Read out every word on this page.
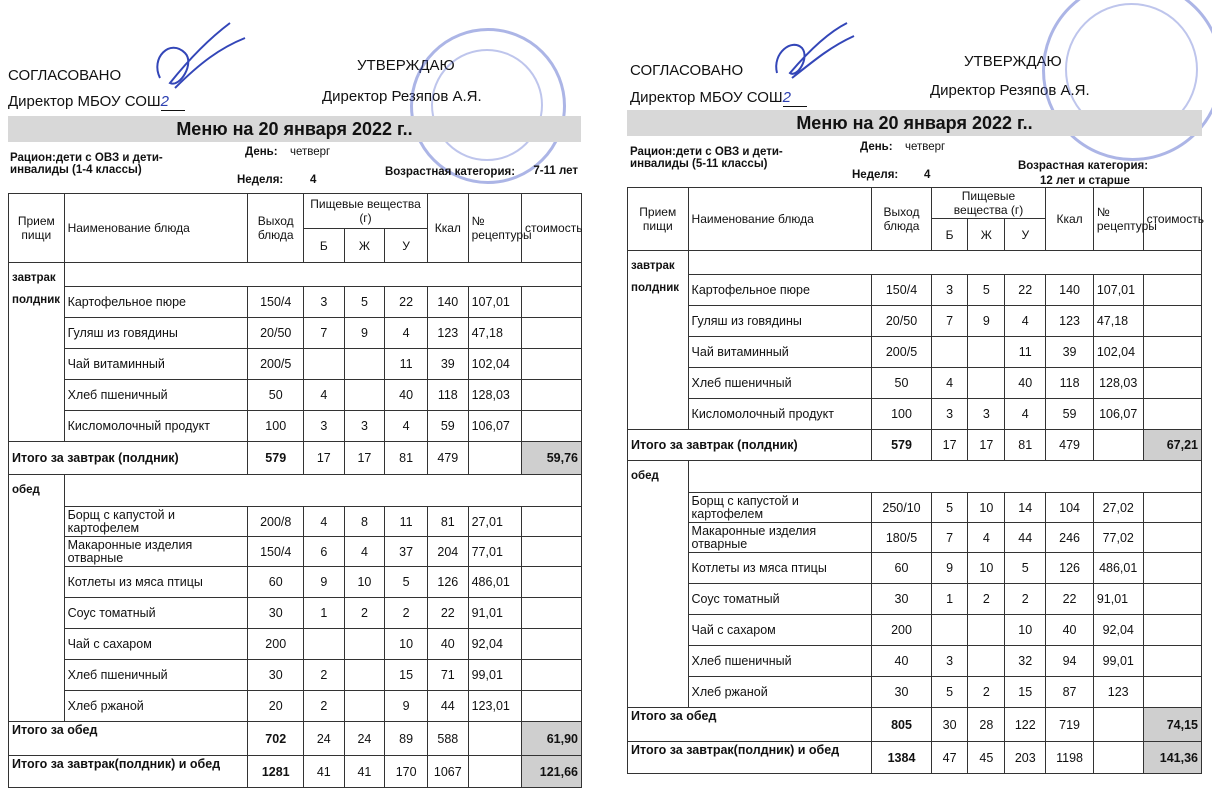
СОГЛАСОВАНО
Директор МБОУ СОШ2
УТВЕРЖДАЮ
Директор Резяпов А.Я.
Меню на 20 января 2022 г..
Рацион:дети с ОВЗ и дети-инвалиды (1-4 классы)
День: четверг
Неделя: 4
Возрастная категория:	7-11 лет
Прием пищи	Наименование блюда	Выход блюда	Пищевые вещества (г)			Ккал	№ рецептуры	стоимость
			Б	Ж	У			

завтрак
полдник								

	Картофельное пюре	150/4	3	5	22	140	107,01	
	Гуляш из говядины	20/50	7	9	4	123	47,18	
	Чай витаминный	200/5			11	39	102,04	
	Хлеб пшеничный	50	4		40	118	128,03	
	Кисломолочный продукт	100	3	3	4	59	106,07	
Итого за завтрак (полдник)		579	17	17	81	479		59,76

обед								

	Борщ с капустой и картофелем	200/8	4	8	11	81	27,01	
	Макаронные изделия отварные	150/4	6	4	37	204	77,01	
	Котлеты из мяса птицы	60	9	10	5	126	486,01	
	Соус томатный	30	1	2	2	22	91,01	
	Чай с сахаром	200			10	40	92,04	
	Хлеб пшеничный	30	2		15	71	99,01	
	Хлеб ржаной	20	2		9	44	123,01	
Итого за обед		702	24	24	89	588		61,90
Итого за завтрак(полдник) и обед		1281	41	41	170	1067		121,66
СОГЛАСОВАНО
Директор МБОУ СОШ2
УТВЕРЖДАЮ
Директор Резяпов А.Я.
Меню на 20 января 2022 г..
Рацион:дети с ОВЗ и дети-инвалиды (5-11 классы)
День: четверг
Неделя: 4
Возрастная категория:
12 лет и старше
Прием пищи	Наименование блюда	Выход блюда	Пищевые вещества (г)			Ккал	№ рецептуры	стоимость
			Б	Ж	У			

завтрак
полдник								

	Картофельное пюре	150/4	3	5	22	140	107,01	
	Гуляш из говядины	20/50	7	9	4	123	47,18	
	Чай витаминный	200/5			11	39	102,04	
	Хлеб пшеничный	50	4		40	118	128,03	
	Кисломолочный продукт	100	3	3	4	59	106,07	
Итого за завтрак (полдник)		579	17	17	81	479		67,21

обед								

	Борщ с капустой и картофелем	250/10	5	10	14	104	27,02	
	Макаронные изделия отварные	180/5	7	4	44	246	77,02	
	Котлеты из мяса птицы	60	9	10	5	126	486,01	
	Соус томатный	30	1	2	2	22	91,01	
	Чай с сахаром	200			10	40	92,04	
	Хлеб пшеничный	40	3		32	94	99,01	
	Хлеб ржаной	30	5	2	15	87	123	
Итого за обед		805	30	28	122	719		74,15
Итого за завтрак(полдник) и обед		1384	47	45	203	1198		141,36
